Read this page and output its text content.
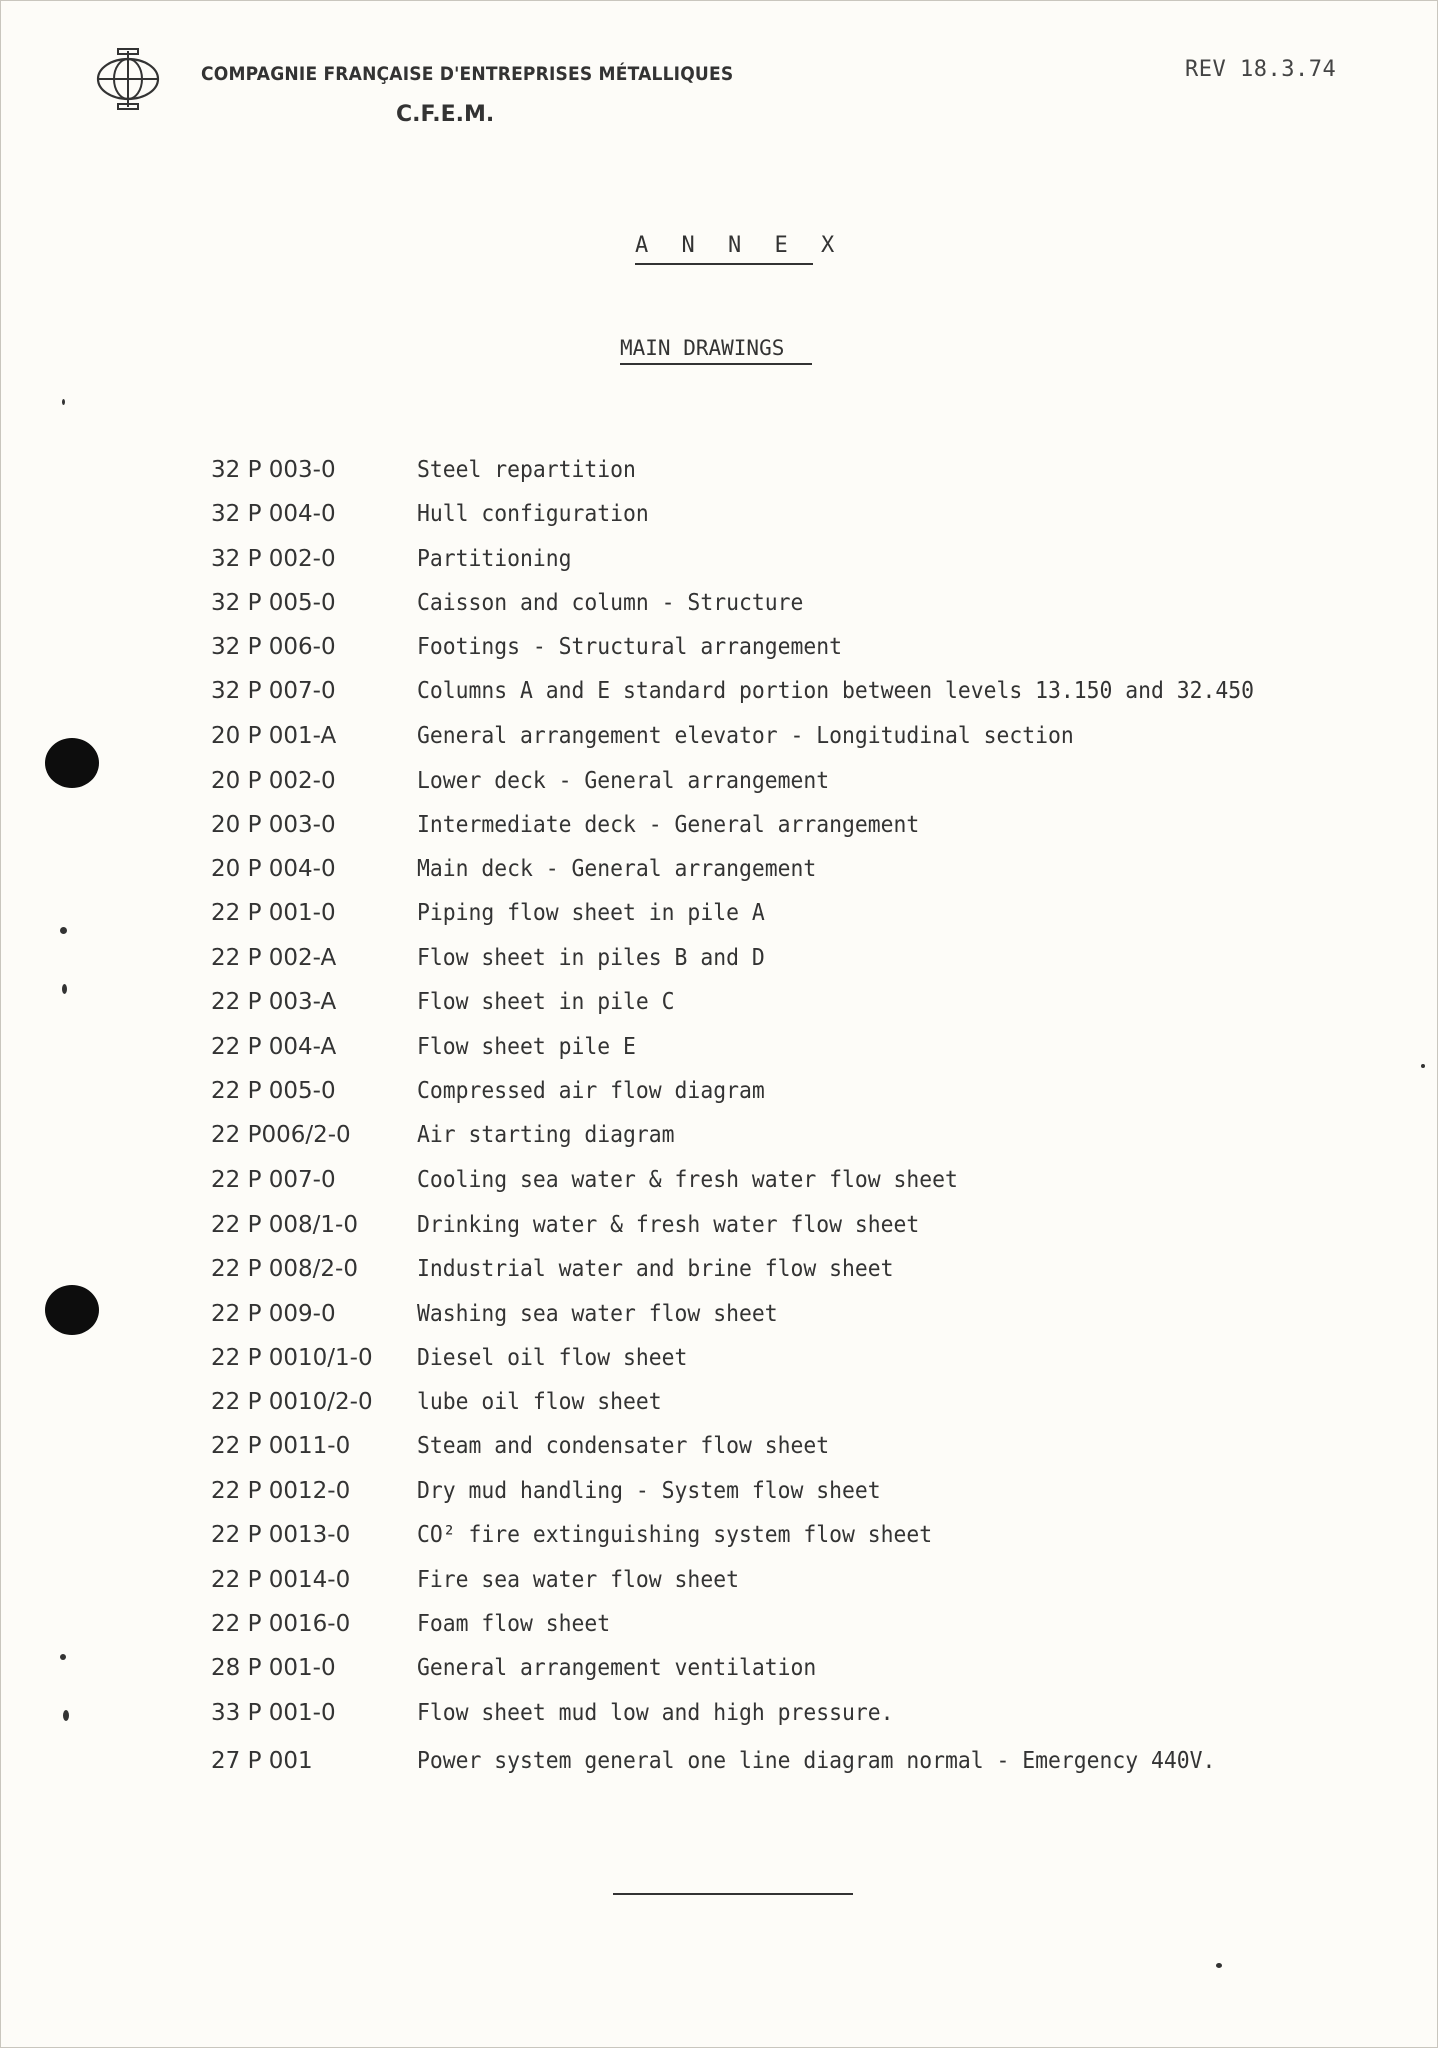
COMPAGNIE FRANÇAISE D'ENTREPRISES MÉTALLIQUES
C.F.E.M.
REV 18.3.74
A N N E X
MAIN DRAWINGS
32 P 003-0	Steel repartition
32 P 004-0	Hull configuration
32 P 002-0	Partitioning
32 P 005-0	Caisson and column - Structure
32 P 006-0	Footings - Structural arrangement
32 P 007-0	Columns A and E standard portion between levels 13.150 and 32.450
20 P 001-A	General arrangement elevator - Longitudinal section
20 P 002-0	Lower deck - General arrangement
20 P 003-0	Intermediate deck - General arrangement
20 P 004-0	Main deck - General arrangement
22 P 001-0	Piping flow sheet in pile A
22 P 002-A	Flow sheet in piles B and D
22 P 003-A	Flow sheet in pile C
22 P 004-A	Flow sheet pile E
22 P 005-0	Compressed air flow diagram
22 P006/2-0	Air starting diagram
22 P 007-0	Cooling sea water & fresh water flow sheet
22 P 008/1-0	Drinking water & fresh water flow sheet
22 P 008/2-0	Industrial water and brine flow sheet
22 P 009-0	Washing sea water flow sheet
22 P 0010/1-0 Diesel oil flow sheet
22 P 0010/2-0 lube oil flow sheet
22 P 0011-0	Steam and condensater flow sheet
22 P 0012-0	Dry mud handling - System flow sheet
22 P 0013-0	CO² fire extinguishing system flow sheet
22 P 0014-0	Fire sea water flow sheet
22 P 0016-0	Foam flow sheet
28 P 001-0	General arrangement ventilation
33 P 001-0	Flow sheet mud low and high pressure.
27 P 001	Power system general one line diagram normal - Emergency 440V.
